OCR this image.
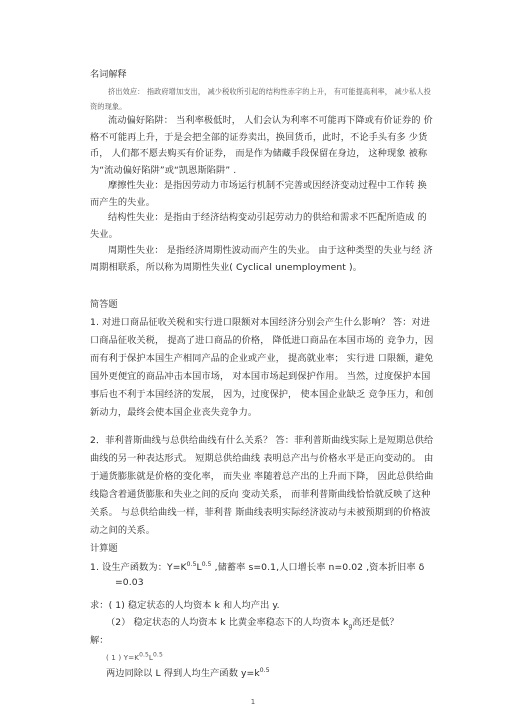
名词解释
挤出效应： 指政府增加支出， 减少税收所引起的结构性赤字的上升， 有可能提高利率， 减少私人投资的现象。
流动偏好陷阱： 当利率极低时， 人们会认为利率不可能再下降或有价证券的 价格不可能再上升，于是会把全部的证券卖出，换回货币，此时，不论手头有多 少货币， 人们都不愿去购买有价证券， 而是作为储藏手段保留在身边， 这种现象 被称为“流动偏好陷阱”或“凯恩斯陷阱” .
摩擦性失业：是指因劳动力市场运行机制不完善或因经济变动过程中工作转 换而产生的失业。
结构性失业：是指由于经济结构变动引起劳动力的供给和需求不匹配所造成 的失业。
周期性失业： 是指经济周期性波动而产生的失业。 由于这种类型的失业与经 济周期相联系，所以称为周期性失业( Cyclical unemployment )。
简答题
1. 对进口商品征收关税和实行进口限额对本国经济分别会产生什么影响？ 答：对进口商品征收关税， 提高了进口商品的价格， 降低进口商品在本国市场的 竞争力，因而有利于保护本国生产相同产品的企业或产业， 提高就业率； 实行进 口限额，避免国外更便宜的商品冲击本国市场， 对本国市场起到保护作用。 当然，过度保护本国事后也不利于本国经济的发展， 因为，过度保护， 使本国企业缺乏 竞争压力，和创新动力，最终会使本国企业丧失竞争力。
2．菲利普斯曲线与总供给曲线有什么关系？ 答：菲利普斯曲线实际上是短期总供给曲线的另一种表达形式。 短期总供给曲线 表明总产出与价格水平是正向变动的。 由于通货膨胀就是价格的变化率， 而失业 率随着总产出的上升而下降， 因此总供给曲线隐含着通货膨胀和失业之间的反向 变动关系， 而菲利普斯曲线恰恰就反映了这种关系。 与总供给曲线一样，菲利普 斯曲线表明实际经济波动与未被预期到的价格波动之间的关系。
计算题
1. 设生产函数为：$Y=K^{0.5}L^{0.5}$ ,储蓄率 s=0.1,人口增长率 n=0.02 ,资本折旧率 δ
=0.03
求：( 1) 稳定状态的人均资本 k 和人均产出 y.
（2） 稳定状态的人均资本 k 比黄金率稳态下的人均资本 $k_g$高还是低？
解：
( 1 ) $Y=K^{0.5}L^{0.5}$
两边同除以 L 得到人均生产函数 $y=k^{0.5}$
1
